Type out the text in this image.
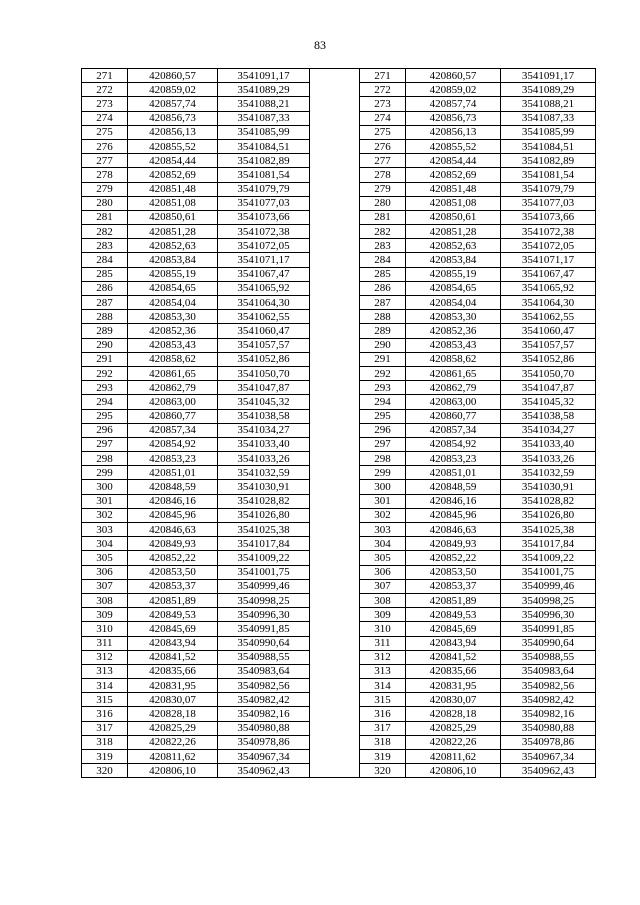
83
271	420860,57	3541091,17		271	420860,57	3541091,17
272	420859,02	3541089,29		272	420859,02	3541089,29
273	420857,74	3541088,21		273	420857,74	3541088,21
274	420856,73	3541087,33		274	420856,73	3541087,33
275	420856,13	3541085,99		275	420856,13	3541085,99
276	420855,52	3541084,51		276	420855,52	3541084,51
277	420854,44	3541082,89		277	420854,44	3541082,89
278	420852,69	3541081,54		278	420852,69	3541081,54
279	420851,48	3541079,79		279	420851,48	3541079,79
280	420851,08	3541077,03		280	420851,08	3541077,03
281	420850,61	3541073,66		281	420850,61	3541073,66
282	420851,28	3541072,38		282	420851,28	3541072,38
283	420852,63	3541072,05		283	420852,63	3541072,05
284	420853,84	3541071,17		284	420853,84	3541071,17
285	420855,19	3541067,47		285	420855,19	3541067,47
286	420854,65	3541065,92		286	420854,65	3541065,92
287	420854,04	3541064,30		287	420854,04	3541064,30
288	420853,30	3541062,55		288	420853,30	3541062,55
289	420852,36	3541060,47		289	420852,36	3541060,47
290	420853,43	3541057,57		290	420853,43	3541057,57
291	420858,62	3541052,86		291	420858,62	3541052,86
292	420861,65	3541050,70		292	420861,65	3541050,70
293	420862,79	3541047,87		293	420862,79	3541047,87
294	420863,00	3541045,32		294	420863,00	3541045,32
295	420860,77	3541038,58		295	420860,77	3541038,58
296	420857,34	3541034,27		296	420857,34	3541034,27
297	420854,92	3541033,40		297	420854,92	3541033,40
298	420853,23	3541033,26		298	420853,23	3541033,26
299	420851,01	3541032,59		299	420851,01	3541032,59
300	420848,59	3541030,91		300	420848,59	3541030,91
301	420846,16	3541028,82		301	420846,16	3541028,82
302	420845,96	3541026,80		302	420845,96	3541026,80
303	420846,63	3541025,38		303	420846,63	3541025,38
304	420849,93	3541017,84		304	420849,93	3541017,84
305	420852,22	3541009,22		305	420852,22	3541009,22
306	420853,50	3541001,75		306	420853,50	3541001,75
307	420853,37	3540999,46		307	420853,37	3540999,46
308	420851,89	3540998,25		308	420851,89	3540998,25
309	420849,53	3540996,30		309	420849,53	3540996,30
310	420845,69	3540991,85		310	420845,69	3540991,85
311	420843,94	3540990,64		311	420843,94	3540990,64
312	420841,52	3540988,55		312	420841,52	3540988,55
313	420835,66	3540983,64		313	420835,66	3540983,64
314	420831,95	3540982,56		314	420831,95	3540982,56
315	420830,07	3540982,42		315	420830,07	3540982,42
316	420828,18	3540982,16		316	420828,18	3540982,16
317	420825,29	3540980,88		317	420825,29	3540980,88
318	420822,26	3540978,86		318	420822,26	3540978,86
319	420811,62	3540967,34		319	420811,62	3540967,34
320	420806,10	3540962,43		320	420806,10	3540962,43
